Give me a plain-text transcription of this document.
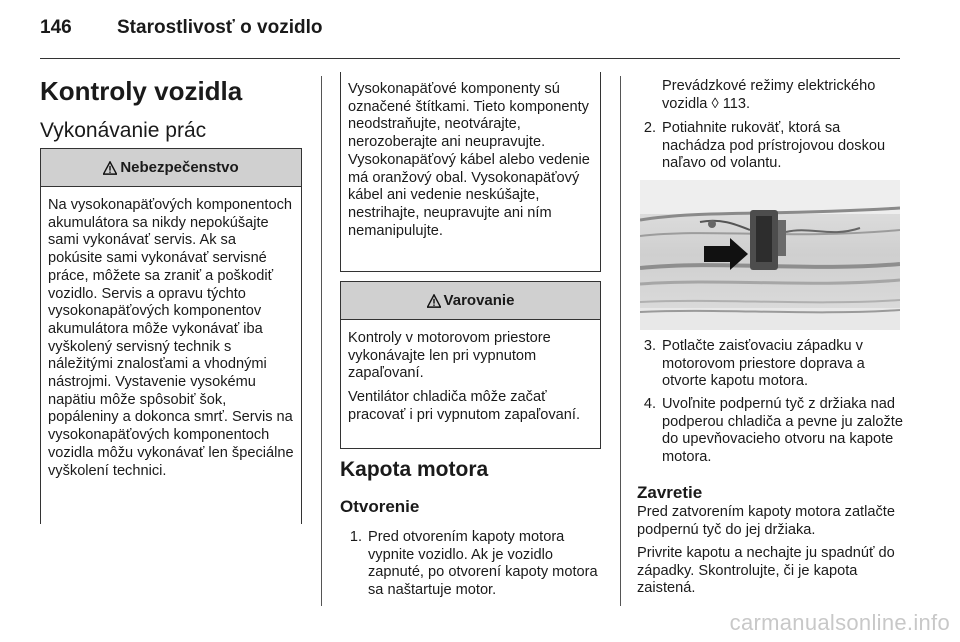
146 Starostlivosť o vozidlo
Kontroly vozidla
Vykonávanie prác
Nebezpečenstvo
Na vysokonapäťových komponentoch akumulátora sa nikdy nepokúšajte sami vykonávať servis. Ak sa pokúsite sami vykonávať servisné práce, môžete sa zraniť a poškodiť vozidlo. Servis a opravu týchto vysokonapäťových komponentov akumulátora môže vykonávať iba vyškolený servisný technik s náležitými znalosťami a vhodnými nástrojmi. Vystavenie vysokému napätiu môže spôsobiť šok, popáleniny a dokonca smrť. Servis na vysokonapäťových komponentoch vozidla môžu vykonávať len špeciálne vyškolení technici.
Vysokonapäťové komponenty sú označené štítkami. Tieto komponenty neodstraňujte, neotvárajte, nerozoberajte ani neupravujte. Vysokonapäťový kábel alebo vedenie má oranžový obal. Vysokonapäťový kábel ani vedenie neskúšajte, nestrihajte, neupravujte ani ním nemanipulujte.
Varovanie

Kontroly v motorovom priestore vykonávajte len pri vypnutom zapaľovaní.

Ventilátor chladiča môže začať pracovať i pri vypnutom zapaľovaní.

Kapota motora
Otvorenie
1. Pred otvorením kapoty motora vypnite vozidlo. Ak je vozidlo zapnuté, po otvorení kapoty motora sa naštartuje motor.
Prevádzkové režimy elektrického vozidla ◊ 113.
2. Potiahnite rukoväť, ktorá sa nachádza pod prístrojovou doskou naľavo od volantu.
3. Potlačte zaisťovaciu západku v motorovom priestore doprava a otvorte kapotu motora.
4. Uvoľnite podpernú tyč z držiaka nad podperou chladiča a pevne ju založte do upevňovacieho otvoru na kapote motora.
Zavretie
Pred zatvorením kapoty motora zatlačte podpernú tyč do jej držiaka.
Privrite kapotu a nechajte ju spadnúť do západky. Skontrolujte, či je kapota zaistená.
carmanualsonline.info
